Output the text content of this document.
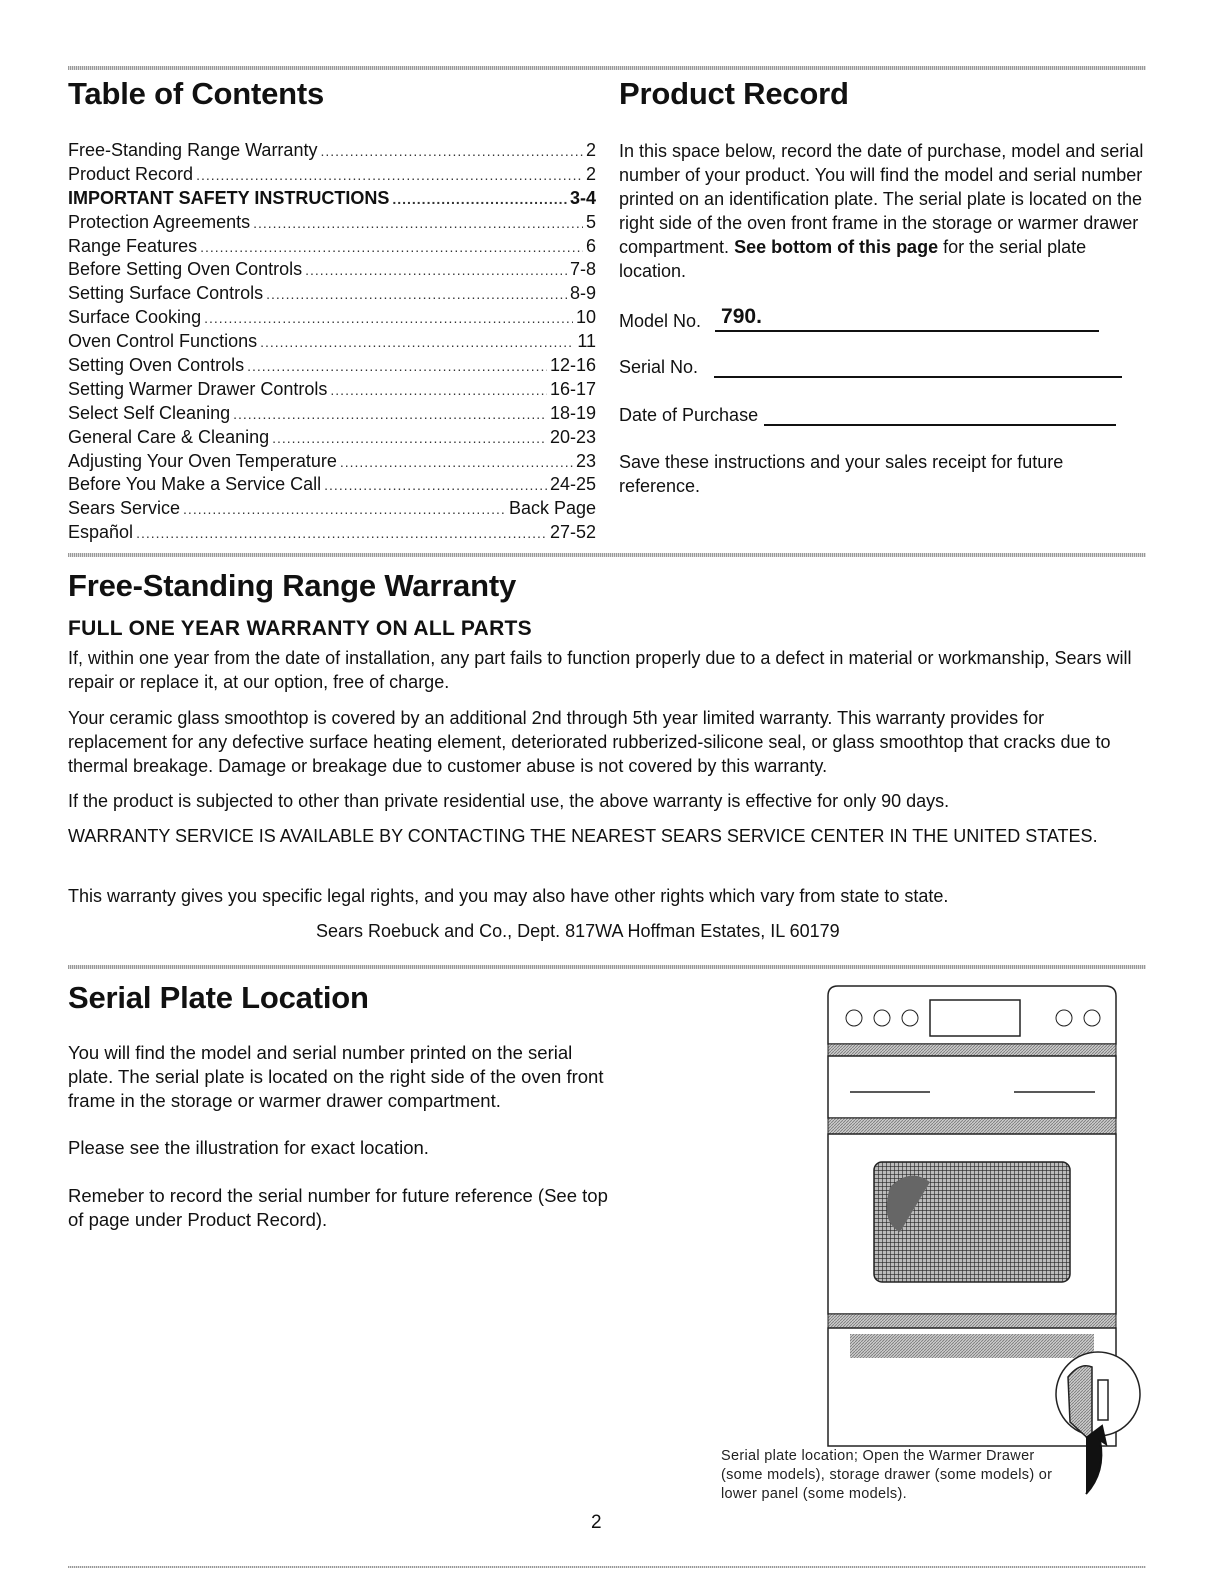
Table of Contents
Free-Standing Range Warranty .....	2
Product Record .....	2
IMPORTANT SAFETY INSTRUCTIONS .....	3-4
Protection Agreements .....	5
Range Features .....	6
Before Setting Oven Controls .....	7-8
Setting Surface Controls .....	8-9
Surface Cooking .....	10
Oven Control Functions .....	11
Setting Oven Controls .....	12-16
Setting Warmer Drawer Controls .....	16-17
Select Self Cleaning .....	18-19
General Care & Cleaning .....	20-23
Adjusting Your Oven Temperature .....	23
Before You Make a Service Call .....	24-25
Sears Service .....	Back Page
Español .....	27-52
Product Record

In this space below, record the date of purchase, model and serial number of your product. You will find the model and serial number printed on an identification plate. The serial plate is located on the right side of the oven front frame in the storage or warmer drawer compartment. See bottom of this page for the serial plate location.

Model No. 790.
Serial No.
Date of Purchase

Save these instructions and your sales receipt for future reference.

Free-Standing Range Warranty
FULL ONE YEAR WARRANTY ON ALL PARTS

If, within one year from the date of installation, any part fails to function properly due to a defect in material or workmanship, Sears will repair or replace it, at our option, free of charge.

Your ceramic glass smoothtop is covered by an additional 2nd through 5th year limited warranty. This warranty provides for replacement for any defective surface heating element, deteriorated rubberized-silicone seal, or glass smoothtop that cracks due to thermal breakage. Damage or breakage due to customer abuse is not covered by this warranty.

If the product is subjected to other than private residential use, the above warranty is effective for only 90 days.

WARRANTY SERVICE IS AVAILABLE BY CONTACTING THE NEAREST SEARS SERVICE CENTER IN THE UNITED STATES.

This warranty gives you specific legal rights, and you may also have other rights which vary from state to state.

Sears Roebuck and Co., Dept. 817WA Hoffman Estates, IL 60179

Serial Plate Location

You will find the model and serial number printed on the serial plate. The serial plate is located on the right side of the oven front frame in the storage or warmer drawer compartment.

Please see the illustration for exact location.

Remeber to record the serial number for future reference (See top of page under Product Record).

Serial plate location; Open the Warmer Drawer (some models), storage drawer (some models) or lower panel (some models).

2
